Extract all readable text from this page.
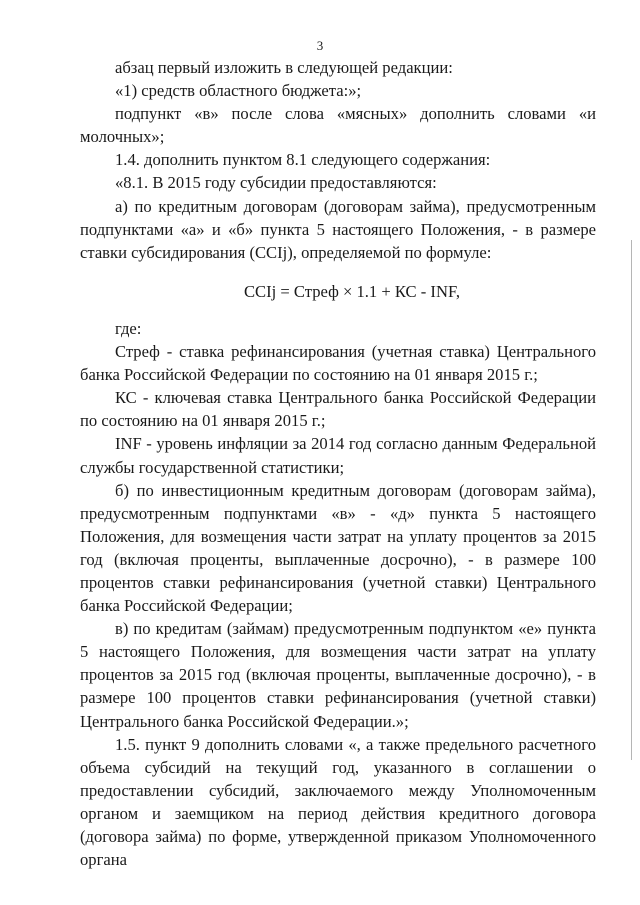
3

абзац первый изложить в следующей редакции:

«1) средств областного бюджета:»;

подпункт «в» после слова «мясных» дополнить словами «и молочных»;

1.4. дополнить пунктом 8.1 следующего содержания:

«8.1. В 2015 году субсидии предоставляются:

а) по кредитным договорам (договорам займа), предусмотренным подпунктами «а» и «б» пункта 5 настоящего Положения, - в размере ставки субсидирования (CCIj), определяемой по формуле:

CCIj = Стреф × 1.1 + КС - INF,

где:

Стреф - ставка рефинансирования (учетная ставка) Центрального банка Российской Федерации по состоянию на 01 января 2015 г.;

КС - ключевая ставка Центрального банка Российской Федерации по состоянию на 01 января 2015 г.;

INF - уровень инфляции за 2014 год согласно данным Федеральной службы государственной статистики;

б) по инвестиционным кредитным договорам (договорам займа), предусмотренным подпунктами «в» - «д» пункта 5 настоящего Положения, для возмещения части затрат на уплату процентов за 2015 год (включая проценты, выплаченные досрочно), - в размере 100 процентов ставки рефинансирования (учетной ставки) Центрального банка Российской Федерации;

в) по кредитам (займам) предусмотренным подпунктом «е» пункта 5 настоящего Положения, для возмещения части затрат на уплату процентов за 2015 год (включая проценты, выплаченные досрочно), - в размере 100 процентов ставки рефинансирования (учетной ставки) Центрального банка Российской Федерации.»;

1.5. пункт 9 дополнить словами «, а также предельного расчетного объема субсидий на текущий год, указанного в соглашении о предоставлении субсидий, заключаемого между Уполномоченным органом и заемщиком на период действия кредитного договора (договора займа) по форме, утвержденной приказом Уполномоченного органа
